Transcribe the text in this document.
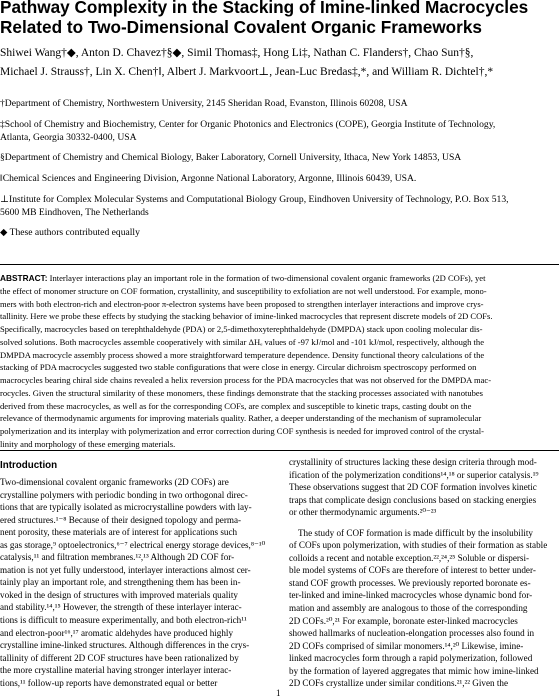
Pathway Complexity in the Stacking of Imine-linked Macrocycles
Related to Two-Dimensional Covalent Organic Frameworks
Shiwei Wang†◆, Anton D. Chavez†§◆, Simil Thomas‡, Hong Li‡, Nathan C. Flanders†, Chao Sun†§,
Michael J. Strauss†, Lin X. Chen†‖, Albert J. Markvoort⊥, Jean-Luc Bredas‡,*, and William R. Dichtel†,*
†Department of Chemistry, Northwestern University, 2145 Sheridan Road, Evanston, Illinois 60208, USA
‡School of Chemistry and Biochemistry, Center for Organic Photonics and Electronics (COPE), Georgia Institute of Technology,
Atlanta, Georgia 30332-0400, USA
§Department of Chemistry and Chemical Biology, Baker Laboratory, Cornell University, Ithaca, New York 14853, USA
‖Chemical Sciences and Engineering Division, Argonne National Laboratory, Argonne, Illinois 60439, USA.
⊥Institute for Complex Molecular Systems and Computational Biology Group, Eindhoven University of Technology, P.O. Box 513,
5600 MB Eindhoven, The Netherlands
◆ These authors contributed equally
ABSTRACT: Interlayer interactions play an important role in the formation of two-dimensional covalent organic frameworks (2D COFs), yet
the effect of monomer structure on COF formation, crystallinity, and susceptibility to exfoliation are not well understood. For example, mono-
mers with both electron-rich and electron-poor π-electron systems have been proposed to strengthen interlayer interactions and improve crys-
tallinity. Here we probe these effects by studying the stacking behavior of imine-linked macrocycles that represent discrete models of 2D COFs.
Specifically, macrocycles based on terephthaldehyde (PDA) or 2,5-dimethoxyterephthaldehyde (DMPDA) stack upon cooling molecular dis-
solved solutions. Both macrocycles assemble cooperatively with similar ΔHₑ values of -97 kJ/mol and -101 kJ/mol, respectively, although the
DMPDA macrocycle assembly process showed a more straightforward temperature dependence. Density functional theory calculations of the
stacking of PDA macrocycles suggested two stable configurations that were close in energy. Circular dichroism spectroscopy performed on
macrocycles bearing chiral side chains revealed a helix reversion process for the PDA macrocycles that was not observed for the DMPDA mac-
rocycles. Given the structural similarity of these monomers, these findings demonstrate that the stacking processes associated with nanotubes
derived from these macrocycles, as well as for the corresponding COFs, are complex and susceptible to kinetic traps, casting doubt on the
relevance of thermodynamic arguments for improving materials quality. Rather, a deeper understanding of the mechanism of supramolecular
polymerization and its interplay with polymerization and error correction during COF synthesis is needed for improved control of the crystal-
linity and morphology of these emerging materials.
Introduction
Two-dimensional covalent organic frameworks (2D COFs) are
crystalline polymers with periodic bonding in two orthogonal direc-
tions that are typically isolated as microcrystalline powders with lay-
ered structures.¹⁻⁸ Because of their designed topology and perma-
nent porosity, these materials are of interest for applications such
as gas storage,⁹ optoelectronics,⁶⁻⁷ electrical energy storage devices,⁸⁻¹⁰
catalysis,¹¹ and filtration membranes.¹²,¹³ Although 2D COF for-
mation is not yet fully understood, interlayer interactions almost cer-
tainly play an important role, and strengthening them has been in-
voked in the design of structures with improved materials quality
and stability.¹⁴,¹⁵ However, the strength of these interlayer interac-
tions is difficult to measure experimentally, and both electron-rich¹¹
and electron-poor¹⁶,¹⁷ aromatic aldehydes have produced highly
crystalline imine-linked structures. Although differences in the crys-
tallinity of different 2D COF structures have been rationalized by
the more crystalline material having stronger interlayer interac-
tions,¹¹ follow-up reports have demonstrated equal or better
crystallinity of structures lacking these design criteria through mod-
ification of the polymerization conditions¹⁴,¹⁸ or superior catalysis.¹⁹
These observations suggest that 2D COF formation involves kinetic
traps that complicate design conclusions based on stacking energies
or other thermodynamic arguments.²⁰⁻²³
The study of COF formation is made difficult by the insolubility
of COFs upon polymerization, with studies of their formation as stable
colloids a recent and notable exception.²²,²⁴,²⁵ Soluble or dispersi-
ble model systems of COFs are therefore of interest to better under-
stand COF growth processes. We previously reported boronate es-
ter-linked and imine-linked macrocycles whose dynamic bond for-
mation and assembly are analogous to those of the corresponding
2D COFs.²⁰,²¹ For example, boronate ester-linked macrocycles
showed hallmarks of nucleation-elongation processes also found in
2D COFs comprised of similar monomers.¹⁴,²⁰ Likewise, imine-
linked macrocycles form through a rapid polymerization, followed
by the formation of layered aggregates that mimic how imine-linked
2D COFs crystallize under similar conditions.²¹,²² Given the
1
